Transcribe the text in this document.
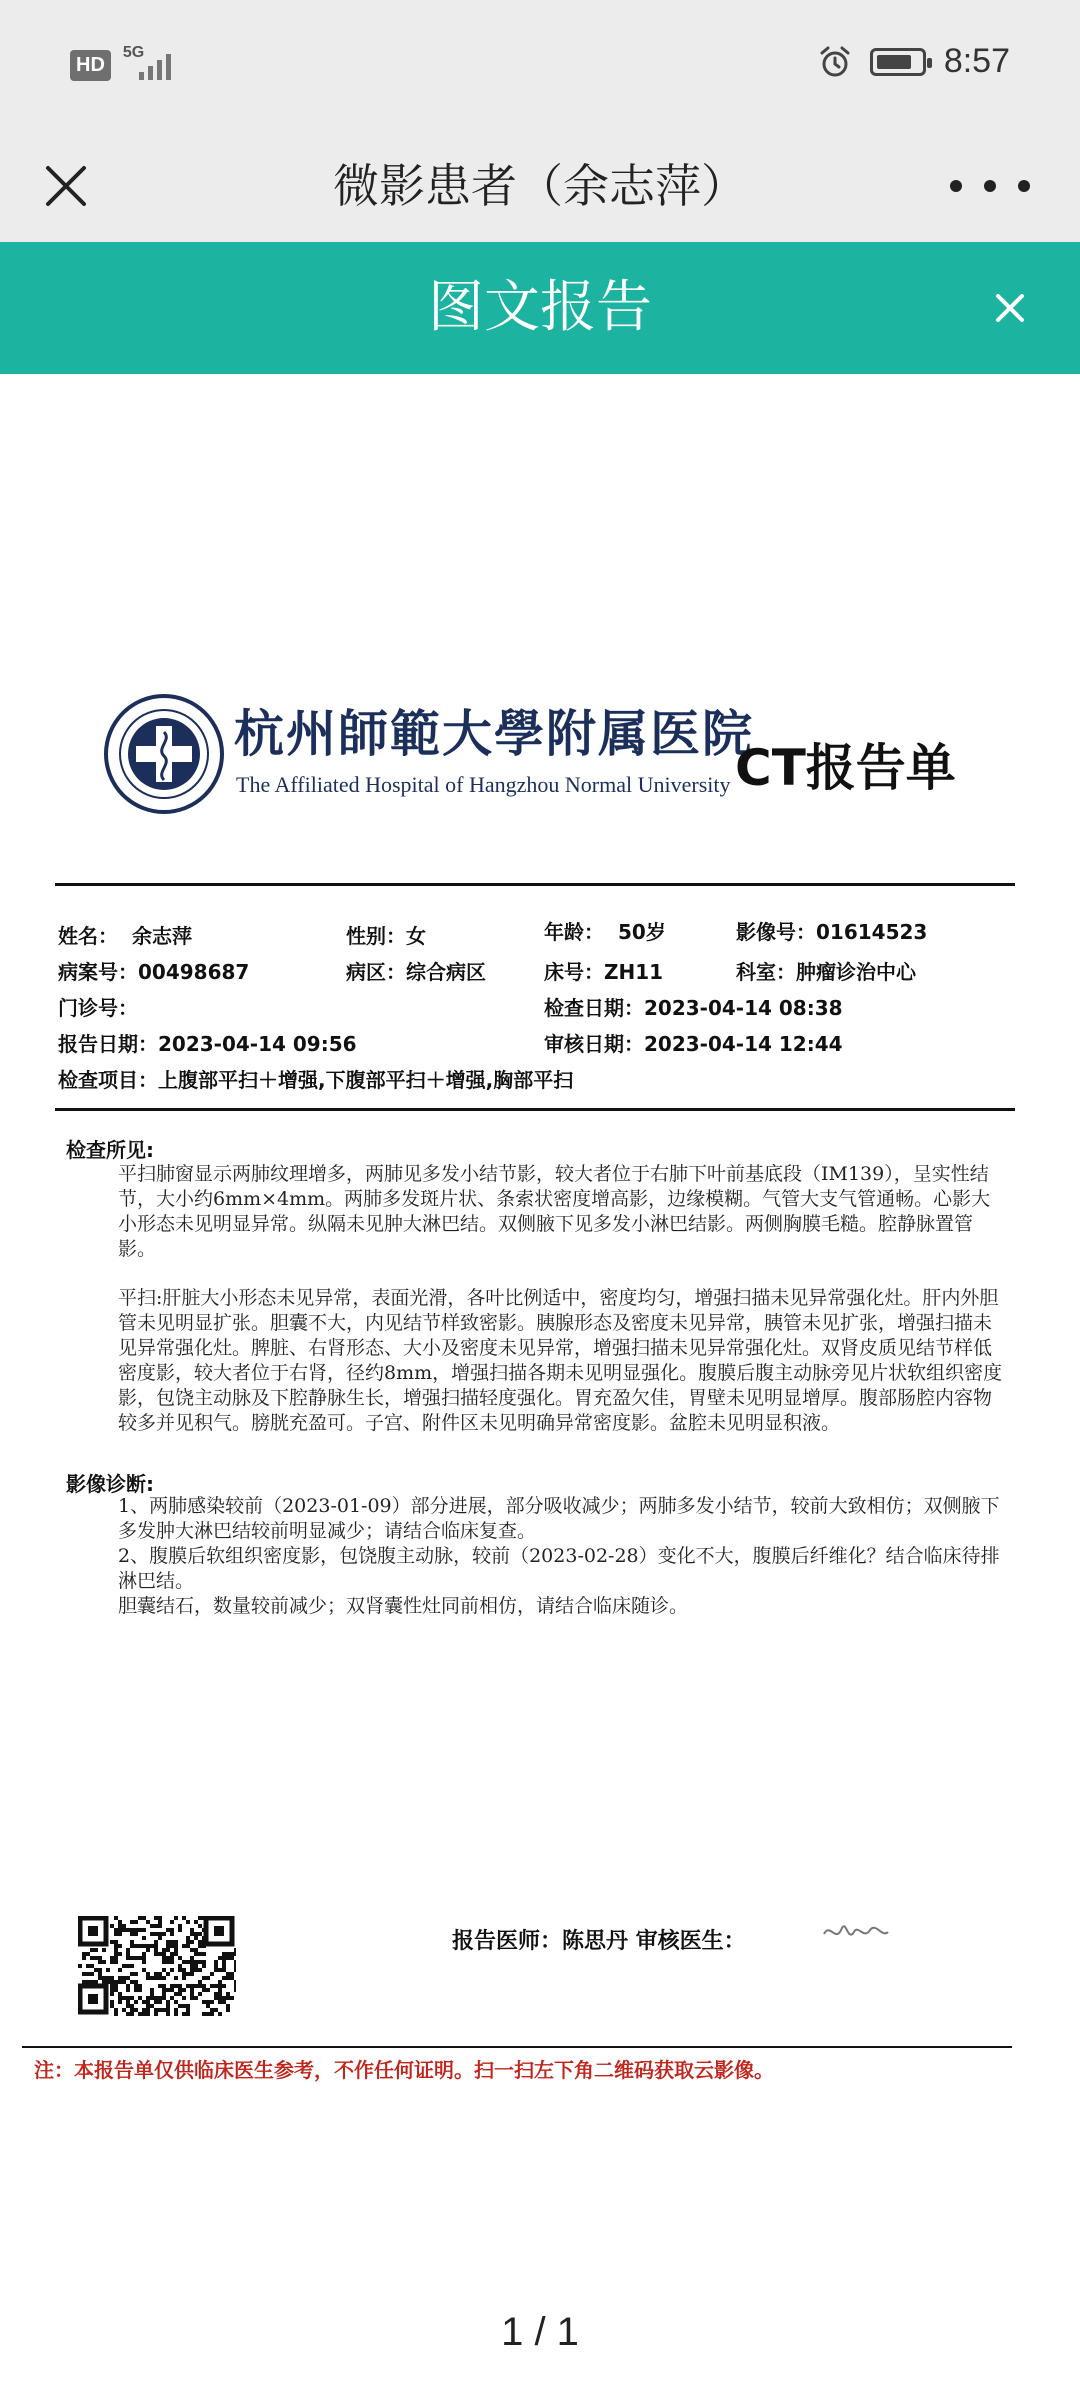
HD
5G	8:57
微影患者（余志萍）
图文报告
杭州師範大學附属医院
The Affiliated Hospital of Hangzhou Normal University CT报告单
姓名： 余志萍	性别：女	年龄： 50岁	影像号：01614523
病案号：00498687	病区：综合病区	床号：ZH11	科室：肿瘤诊治中心
门诊号：	检查日期：2023-04-14 08:38
报告日期：2023-04-14 09:56	审核日期：2023-04-14 12:44
检查项目：上腹部平扫＋增强,下腹部平扫＋增强,胸部平扫
检查所见:

平扫肺窗显示两肺纹理增多，两肺见多发小结节影，较大者位于右肺下叶前基底段（IM139），呈实性结节，大小约6mm×4mm。两肺多发斑片状、条索状密度增高影，边缘模糊。气管大支气管通畅。心影大小形态未见明显异常。纵隔未见肿大淋巴结。双侧腋下见多发小淋巴结影。两侧胸膜毛糙。腔静脉置管影。

平扫:肝脏大小形态未见异常，表面光滑，各叶比例适中，密度均匀，增强扫描未见异常强化灶。肝内外胆管未见明显扩张。胆囊不大，内见结节样致密影。胰腺形态及密度未见异常，胰管未见扩张，增强扫描未见异常强化灶。脾脏、右肾形态、大小及密度未见异常，增强扫描未见异常强化灶。双肾皮质见结节样低密度影，较大者位于右肾，径约8mm，增强扫描各期未见明显强化。腹膜后腹主动脉旁见片状软组织密度影，包饶主动脉及下腔静脉生长，增强扫描轻度强化。胃充盈欠佳，胃壁未见明显增厚。腹部肠腔内容物较多并见积气。膀胱充盈可。子宫、附件区未见明确异常密度影。盆腔未见明显积液。

影像诊断:

1、两肺感染较前（2023-01-09）部分进展，部分吸收减少；两肺多发小结节，较前大致相仿；双侧腋下多发肿大淋巴结较前明显减少；请结合临床复查。

2、腹膜后软组织密度影，包饶腹主动脉，较前（2023-02-28）变化不大，腹膜后纤维化？结合临床待排淋巴结。

胆囊结石，数量较前减少；双肾囊性灶同前相仿，请结合临床随诊。

报告医师：陈思丹 审核医生：
注：本报告单仅供临床医生参考，不作任何证明。扫一扫左下角二维码获取云影像。
1 / 1
